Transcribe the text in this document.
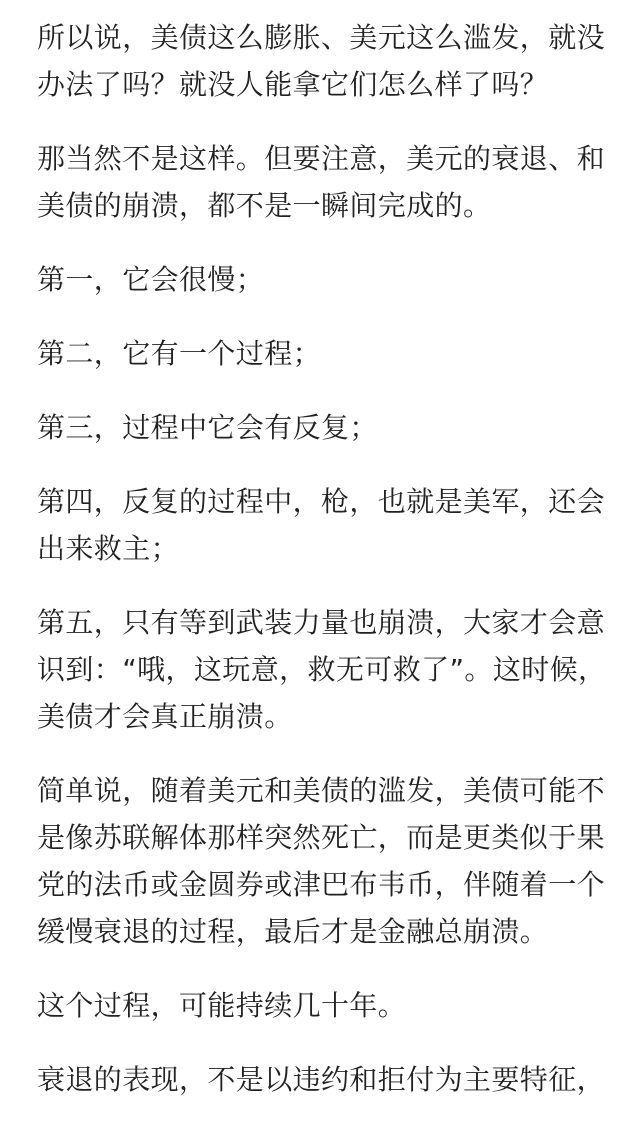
所以说，美债这么膨胀、美元这么滥发，就没办法了吗？就没人能拿它们怎么样了吗？

那当然不是这样。但要注意，美元的衰退、和美债的崩溃，都不是一瞬间完成的。

第一，它会很慢；

第二，它有一个过程；

第三，过程中它会有反复；

第四，反复的过程中，枪，也就是美军，还会出来救主；

第五，只有等到武装力量也崩溃，大家才会意识到：“哦，这玩意，救无可救了”。这时候，美债才会真正崩溃。

简单说，随着美元和美债的滥发，美债可能不是像苏联解体那样突然死亡，而是更类似于果党的法币或金圆券或津巴布韦币，伴随着一个缓慢衰退的过程，最后才是金融总崩溃。

这个过程，可能持续几十年。

衰退的表现，不是以违约和拒付为主要特征，
